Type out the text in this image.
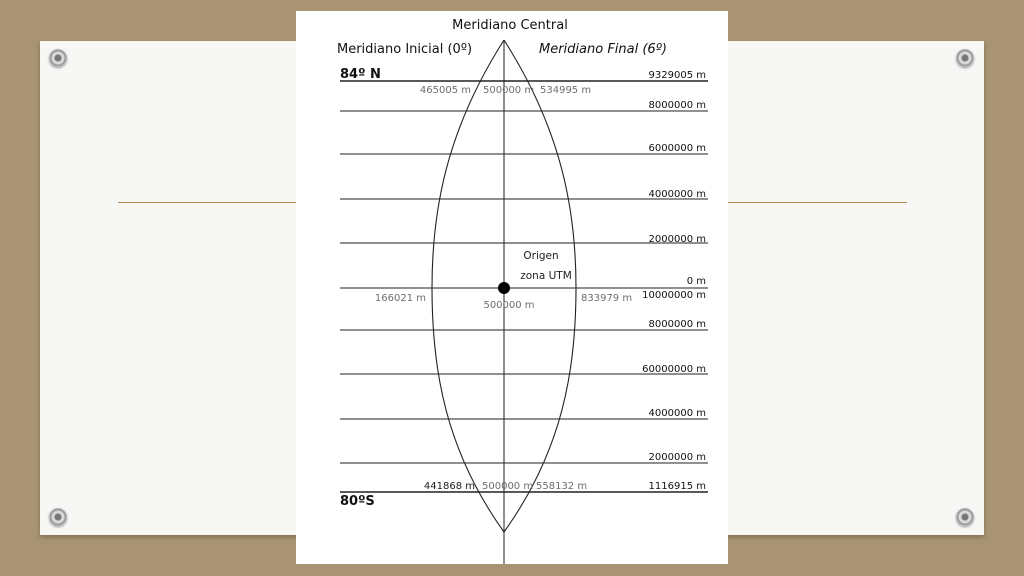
Meridiano Central
Meridiano Inicial (0º)	Meridiano Final (6º)
84º N
80ºS
Origen
zona UTM
465005 m 500000 m 534995 m
166021 m
500000 m
833979 m
441868 m 500000 m 558132 m
9329005 m
8000000 m
6000000 m
4000000 m
2000000 m
0 m
10000000 m
8000000 m
60000000 m
4000000 m
2000000 m
1116915 m
